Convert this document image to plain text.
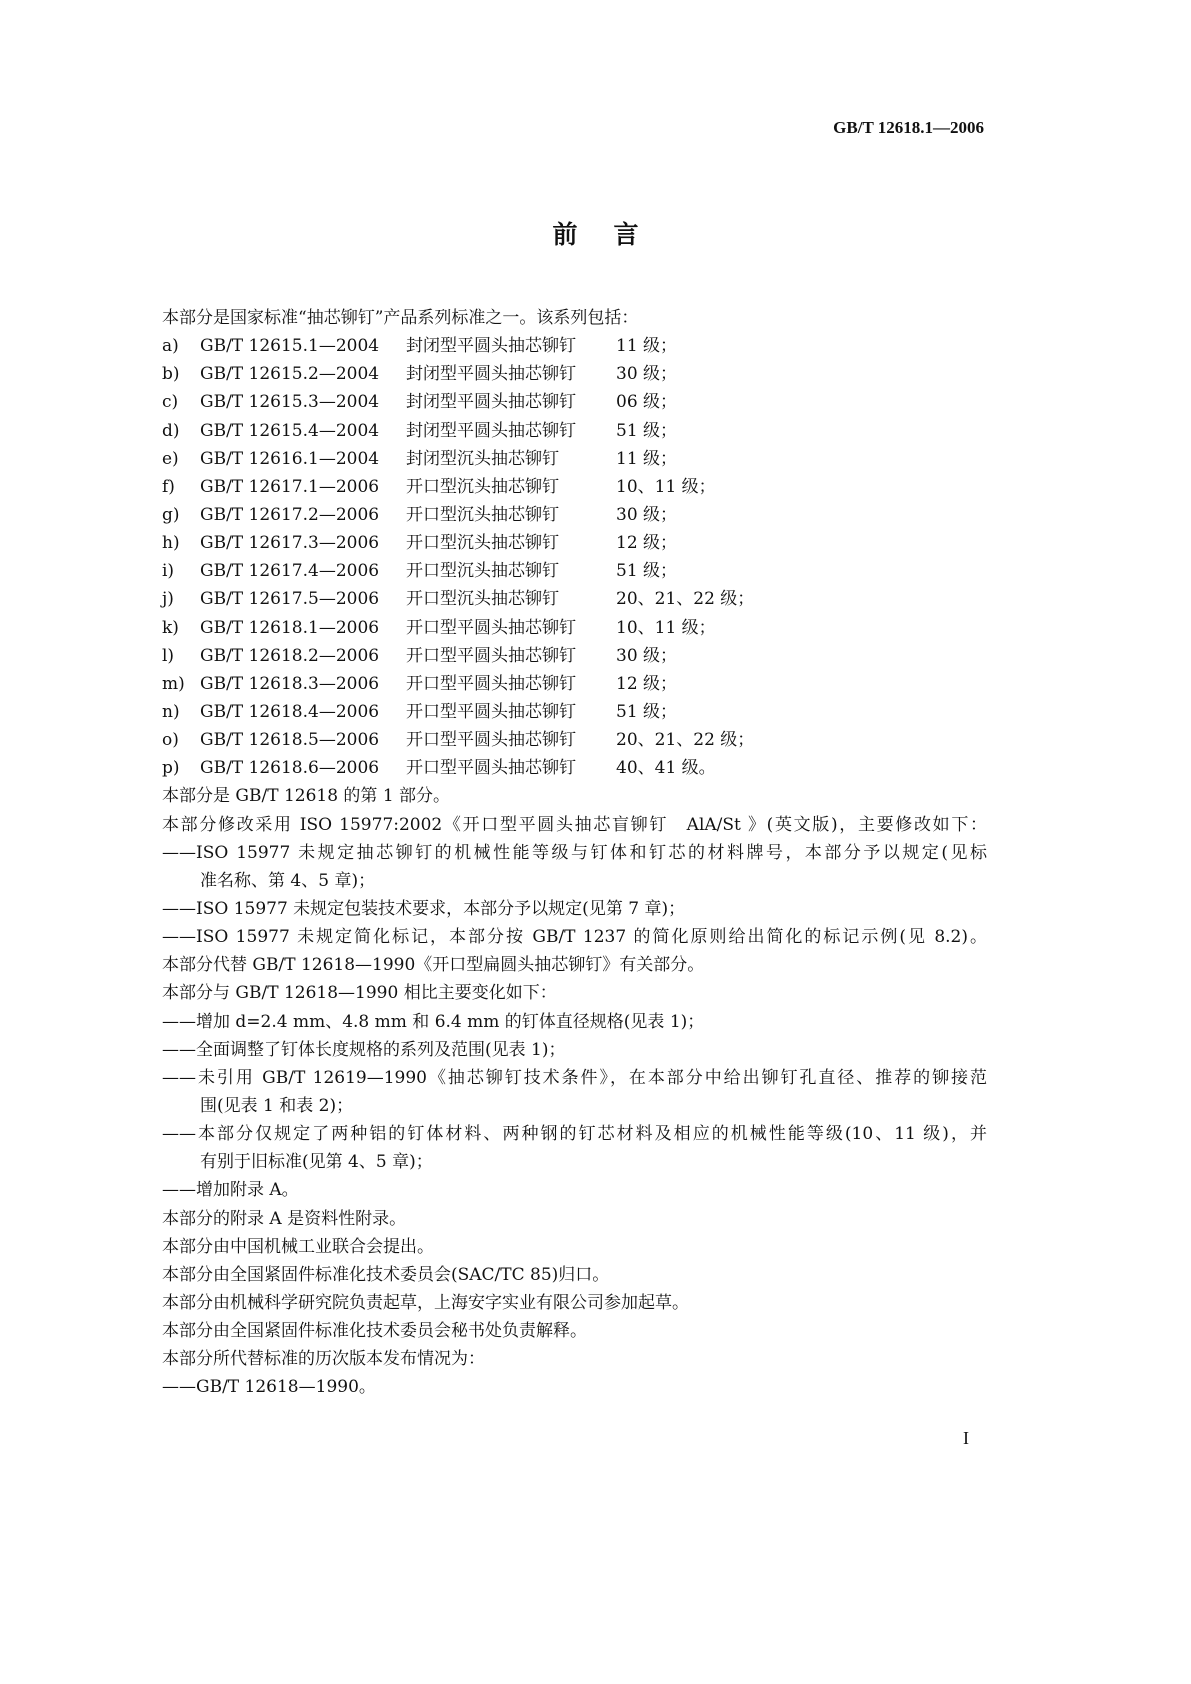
GB/T 12618.1—2006
前言
本部分是国家标准“抽芯铆钉”产品系列标准之一。该系列包括：
a) GB/T 12615.1—2004 封闭型平圆头抽芯铆钉 11 级；
b) GB/T 12615.2—2004 封闭型平圆头抽芯铆钉 30 级；
c) GB/T 12615.3—2004 封闭型平圆头抽芯铆钉 06 级；
d) GB/T 12615.4—2004 封闭型平圆头抽芯铆钉 51 级；
e) GB/T 12616.1—2004 封闭型沉头抽芯铆钉	11 级；
f) GB/T 12617.1—2006 开口型沉头抽芯铆钉	10、11 级；
g) GB/T 12617.2—2006 开口型沉头抽芯铆钉	30 级；
h) GB/T 12617.3—2006 开口型沉头抽芯铆钉	12 级；
i) GB/T 12617.4—2006 开口型沉头抽芯铆钉	51 级；
j) GB/T 12617.5—2006 开口型沉头抽芯铆钉	20、21、22 级；
k) GB/T 12618.1—2006 开口型平圆头抽芯铆钉 10、11 级；
l) GB/T 12618.2—2006 开口型平圆头抽芯铆钉 30 级；
m) GB/T 12618.3—2006 开口型平圆头抽芯铆钉 12 级；
n) GB/T 12618.4—2006 开口型平圆头抽芯铆钉 51 级；
o) GB/T 12618.5—2006 开口型平圆头抽芯铆钉 20、21、22 级；
p) GB/T 12618.6—2006 开口型平圆头抽芯铆钉 40、41 级。
本部分是 GB/T 12618 的第 1 部分。
本部分修改采用 ISO 15977:2002《开口型平圆头抽芯盲铆钉　AlA/St 》(英文版)，主要修改如下：
——ISO 15977 未规定抽芯铆钉的机械性能等级与钉体和钉芯的材料牌号，本部分予以规定(见标
准名称、第 4、5 章)；
——ISO 15977 未规定包装技术要求，本部分予以规定(见第 7 章)；
——ISO 15977 未规定简化标记，本部分按 GB/T 1237 的简化原则给出简化的标记示例(见 8.2)。
本部分代替 GB/T 12618—1990《开口型扁圆头抽芯铆钉》有关部分。
本部分与 GB/T 12618—1990 相比主要变化如下：
——增加 d=2.4 mm、4.8 mm 和 6.4 mm 的钉体直径规格(见表 1)；
——全面调整了钉体长度规格的系列及范围(见表 1)；
——未引用 GB/T 12619—1990《抽芯铆钉技术条件》，在本部分中给出铆钉孔直径、推荐的铆接范
围(见表 1 和表 2)；
——本部分仅规定了两种铝的钉体材料、两种钢的钉芯材料及相应的机械性能等级(10、11 级)，并
有别于旧标准(见第 4、5 章)；
——增加附录 A。
本部分的附录 A 是资料性附录。
本部分由中国机械工业联合会提出。
本部分由全国紧固件标准化技术委员会(SAC/TC 85)归口。
本部分由机械科学研究院负责起草，上海安字实业有限公司参加起草。
本部分由全国紧固件标准化技术委员会秘书处负责解释。
本部分所代替标准的历次版本发布情况为：
——GB/T 12618—1990。
I
